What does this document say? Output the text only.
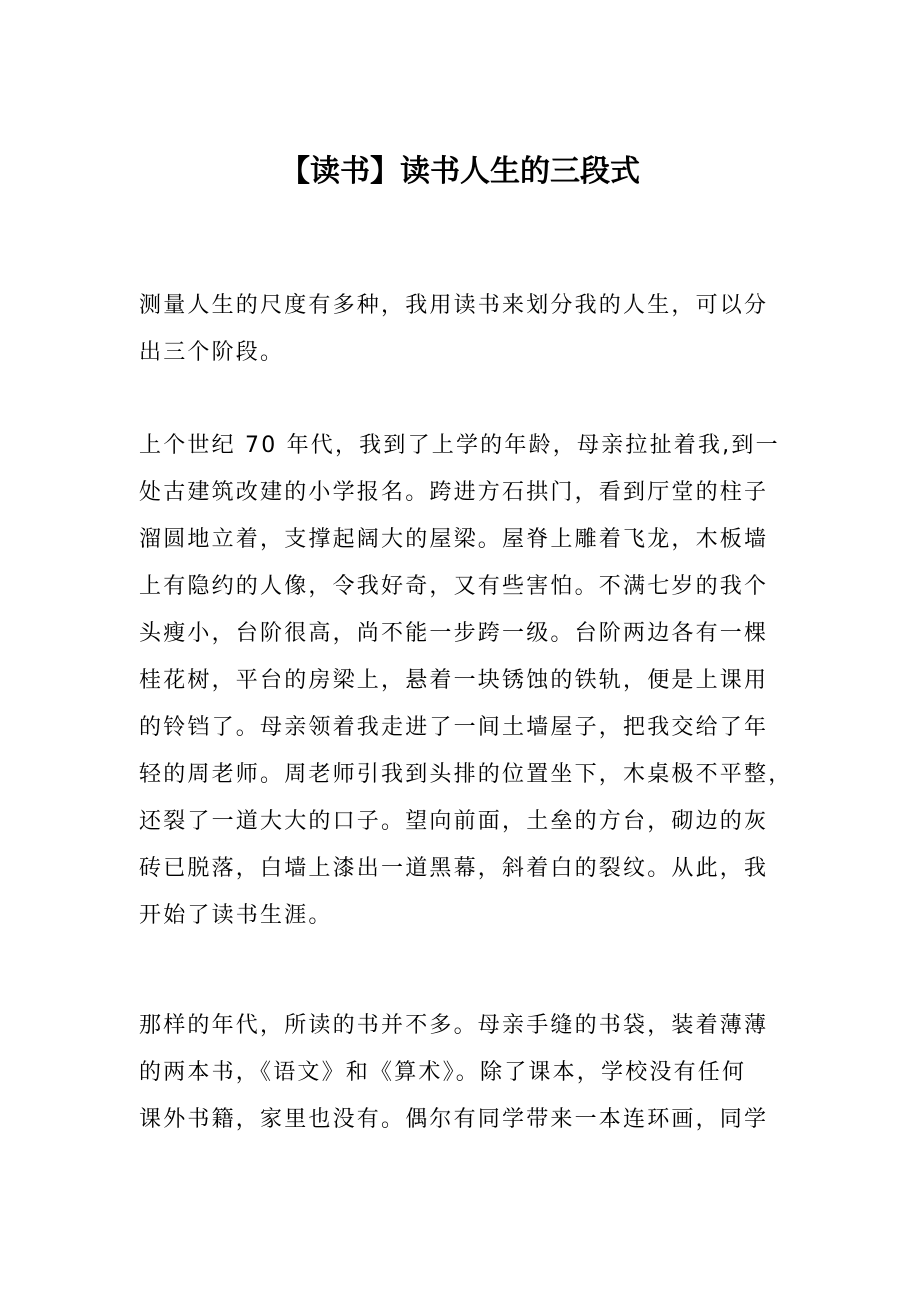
【读书】读书人生的三段式

测量人生的尺度有多种，我用读书来划分我的人生，可以分
出三个阶段。

上个世纪 70 年代，我到了上学的年龄，母亲拉扯着我,到一
处古建筑改建的小学报名。跨进方石拱门，看到厅堂的柱子
溜圆地立着，支撑起阔大的屋梁。屋脊上雕着飞龙，木板墙
上有隐约的人像，令我好奇，又有些害怕。不满七岁的我个
头瘦小，台阶很高，尚不能一步跨一级。台阶两边各有一棵
桂花树，平台的房梁上，悬着一块锈蚀的铁轨，便是上课用
的铃铛了。母亲领着我走进了一间土墙屋子，把我交给了年
轻的周老师。周老师引我到头排的位置坐下，木桌极不平整，
还裂了一道大大的口子。望向前面，土垒的方台，砌边的灰
砖已脱落，白墙上漆出一道黑幕，斜着白的裂纹。从此，我
开始了读书生涯。

那样的年代，所读的书并不多。母亲手缝的书袋，装着薄薄
的两本书，《语文》和《算术》。除了课本，学校没有任何
课外书籍，家里也没有。偶尔有同学带来一本连环画，同学
